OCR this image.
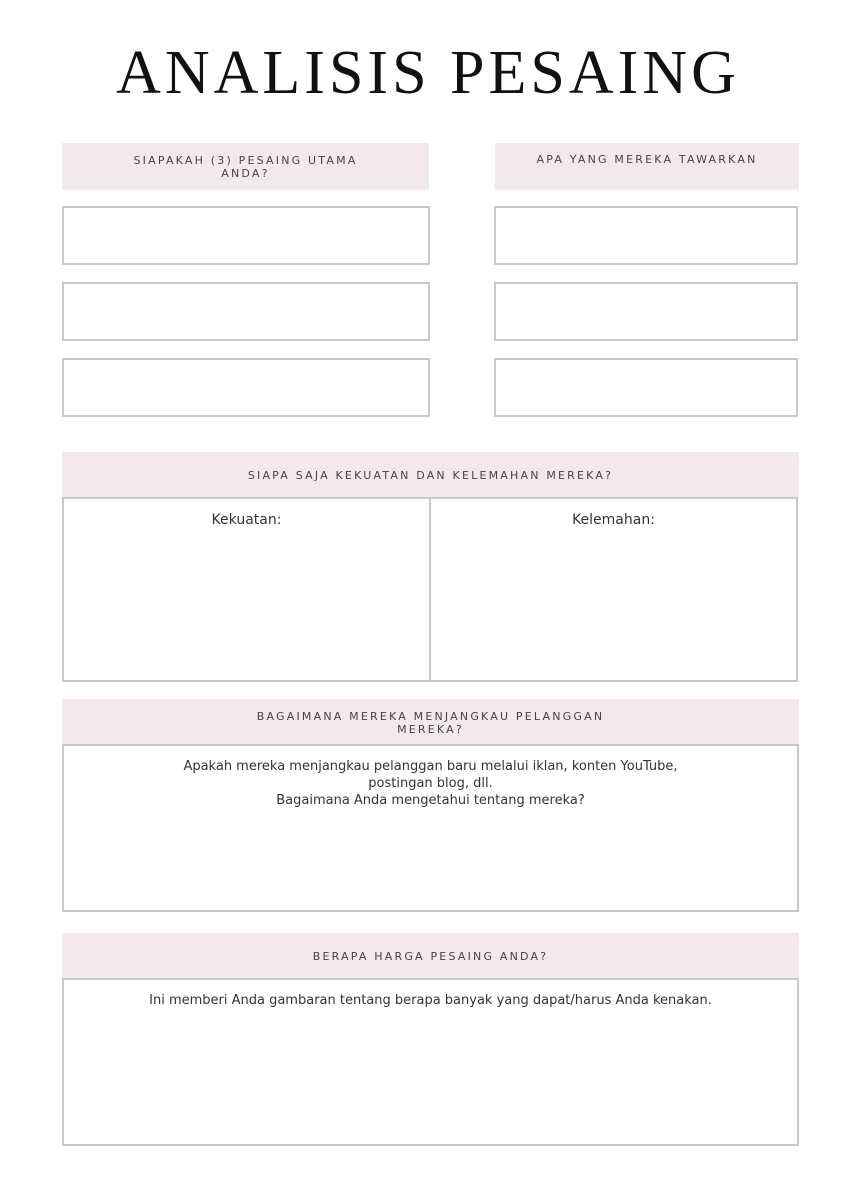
ANALISIS PESAING
SIAPAKAH (3) PESAING UTAMA
ANDA?
APA YANG MEREKA TAWARKAN
SIAPA SAJA KEKUATAN DAN KELEMAHAN MEREKA?
Kekuatan:	Kelemahan:
BAGAIMANA MEREKA MENJANGKAU PELANGGAN
MEREKA?
Apakah mereka menjangkau pelanggan baru melalui iklan, konten YouTube,
postingan blog, dll.
Bagaimana Anda mengetahui tentang mereka?
BERAPA HARGA PESAING ANDA?
Ini memberi Anda gambaran tentang berapa banyak yang dapat/harus Anda kenakan.
